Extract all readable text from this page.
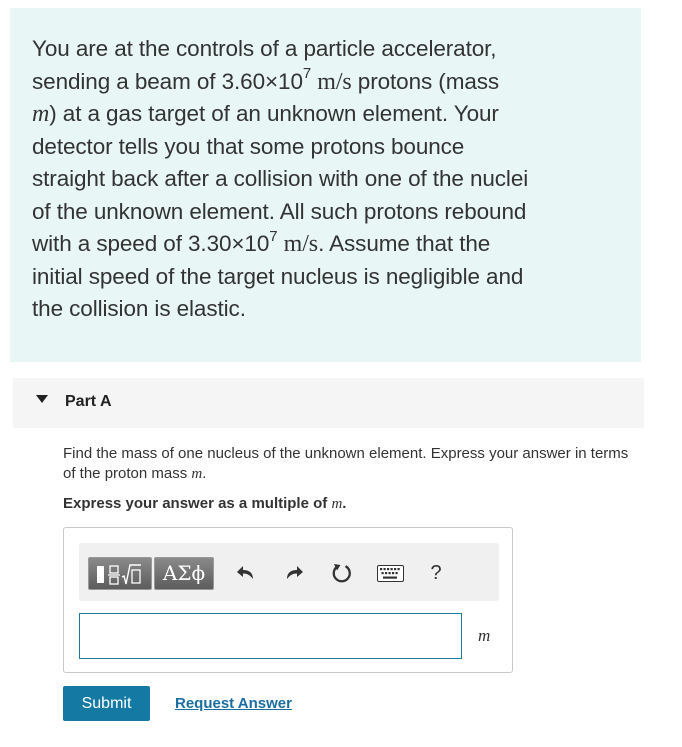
You are at the controls of a particle accelerator,

sending a beam of $3.60\times 10^7$ m/s protons (mass

m) at a gas target of an unknown element. Your

detector tells you that some protons bounce

straight back after a collision with one of the nuclei

of the unknown element. All such protons rebound

with a speed of $3.30\times 10^7$ m/s. Assume that the

initial speed of the target nucleus is negligible and

the collision is elastic.

Part A
Find the mass of one nucleus of the unknown element. Express your answer in terms of the proton mass m.
Express your answer as a multiple of m.
ΑΣϕ	?
m
Submit	Request Answer
